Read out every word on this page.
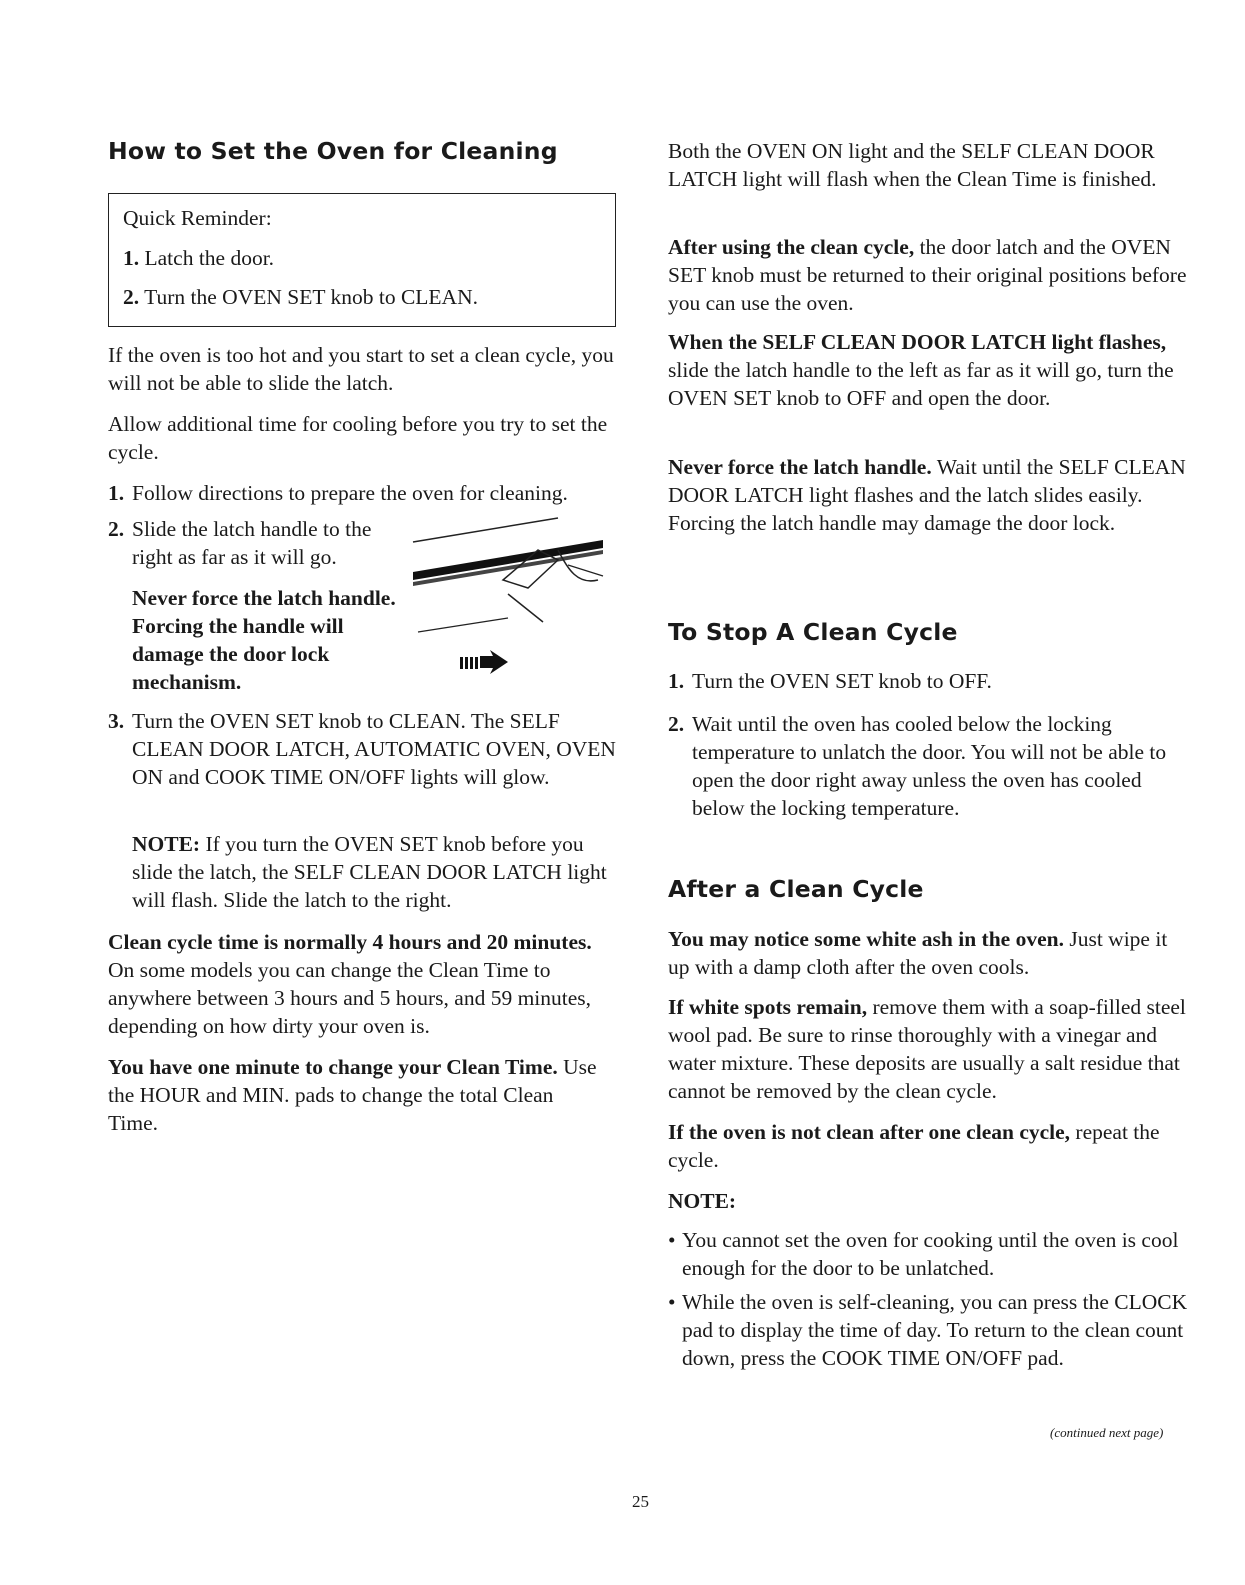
How to Set the Oven for Cleaning
Quick Reminder:
1. Latch the door.
2. Turn the OVEN SET knob to CLEAN.

If the oven is too hot and you start to set a clean cycle, you will not be able to slide the latch.

Allow additional time for cooling before you try to set the cycle.

1. Follow directions to prepare the oven for cleaning.
2. Slide the latch handle to the right as far as it will go.

Never force the latch handle. Forcing the handle will damage the door lock mechanism.

3. Turn the OVEN SET knob to CLEAN. The SELF CLEAN DOOR LATCH, AUTOMATIC OVEN, OVEN ON and COOK TIME ON/OFF lights will glow.

NOTE: If you turn the OVEN SET knob before you slide the latch, the SELF CLEAN DOOR LATCH light will flash. Slide the latch to the right.

Clean cycle time is normally 4 hours and 20 minutes. On some models you can change the Clean Time to anywhere between 3 hours and 5 hours, and 59 minutes, depending on how dirty your oven is.

You have one minute to change your Clean Time. Use the HOUR and MIN. pads to change the total Clean Time.

Both the OVEN ON light and the SELF CLEAN DOOR LATCH light will flash when the Clean Time is finished.

After using the clean cycle, the door latch and the OVEN SET knob must be returned to their original positions before you can use the oven.

When the SELF CLEAN DOOR LATCH light flashes, slide the latch handle to the left as far as it will go, turn the OVEN SET knob to OFF and open the door.

Never force the latch handle. Wait until the SELF CLEAN DOOR LATCH light flashes and the latch slides easily. Forcing the latch handle may damage the door lock.

To Stop A Clean Cycle
1. Turn the OVEN SET knob to OFF.
2. Wait until the oven has cooled below the locking temperature to unlatch the door. You will not be able to open the door right away unless the oven has cooled below the locking temperature.
After a Clean Cycle

You may notice some white ash in the oven. Just wipe it up with a damp cloth after the oven cools.

If white spots remain, remove them with a soap-filled steel wool pad. Be sure to rinse thoroughly with a vinegar and water mixture. These deposits are usually a salt residue that cannot be removed by the clean cycle.

If the oven is not clean after one clean cycle, repeat the cycle.

NOTE:

• You cannot set the oven for cooking until the oven is cool enough for the door to be unlatched.
• While the oven is self-cleaning, you can press the CLOCK pad to display the time of day. To return to the clean count down, press the COOK TIME ON/OFF pad.
(continued next page)
25
